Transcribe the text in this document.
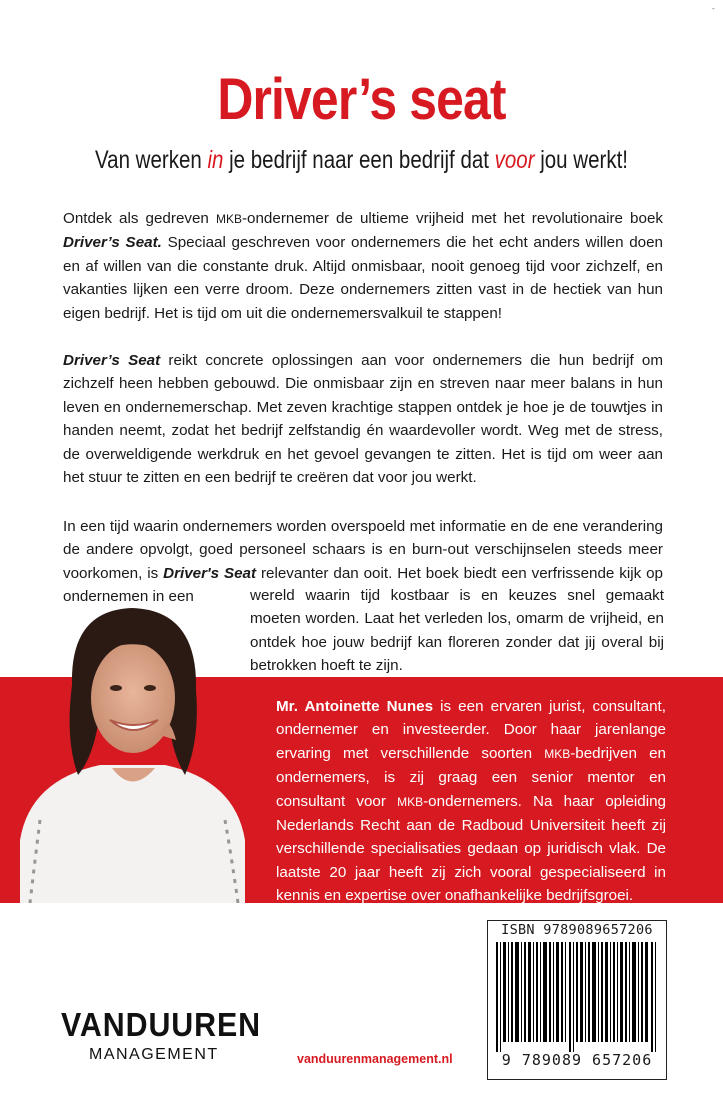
-
Driver’s seat
Van werken in je bedrijf naar een bedrijf dat voor jou werkt!
Ontdek als gedreven MKB-ondernemer de ultieme vrijheid met het revolutionaire boek Driver’s Seat. Speciaal geschreven voor ondernemers die het echt anders willen doen en af willen van die constante druk. Altijd onmisbaar, nooit genoeg tijd voor zichzelf, en vakanties lijken een verre droom. Deze ondernemers zitten vast in de hectiek van hun eigen bedrijf. Het is tijd om uit die ondernemersvalkuil te stappen!
Driver’s Seat reikt concrete oplossingen aan voor ondernemers die hun bedrijf om zichzelf heen hebben gebouwd. Die onmisbaar zijn en streven naar meer balans in hun leven en ondernemerschap. Met zeven krachtige stappen ontdek je hoe je de touwtjes in handen neemt, zodat het bedrijf zelfstandig én waardevoller wordt. Weg met de stress, de overweldigende werkdruk en het gevoel gevangen te zitten. Het is tijd om weer aan het stuur te zitten en een bedrijf te creëren dat voor jou werkt.
In een tijd waarin ondernemers worden overspoeld met informatie en de ene verandering de andere opvolgt, goed personeel schaars is en burn-out verschijnselen steeds meer voorkomen, is Driver's Seat relevanter dan ooit. Het boek biedt een verfrissende kijk op ondernemen in een	wereld waarin tijd kostbaar is en keuzes snel gemaakt moeten worden. Laat het verleden los, omarm de vrijheid, en ontdek hoe jouw bedrijf kan floreren zonder dat jij overal bij betrokken hoeft te zijn.
Mr. Antoinette Nunes is een ervaren jurist, consultant, ondernemer en investeerder. Door haar jarenlange ervaring met verschillende soorten MKB-bedrijven en ondernemers, is zij graag een senior mentor en consultant voor MKB-ondernemers. Na haar opleiding Nederlands Recht aan de Radboud Universiteit heeft zij verschillende specialisaties gedaan op juridisch vlak. De laatste 20 jaar heeft zij zich vooral gespecialiseerd in kennis en expertise over onafhankelijke bedrijfsgroei.
ISBN 9789089657206
9 789089 657206
VANDUUREN
MANAGEMENT	vanduurenmanagement.nl
